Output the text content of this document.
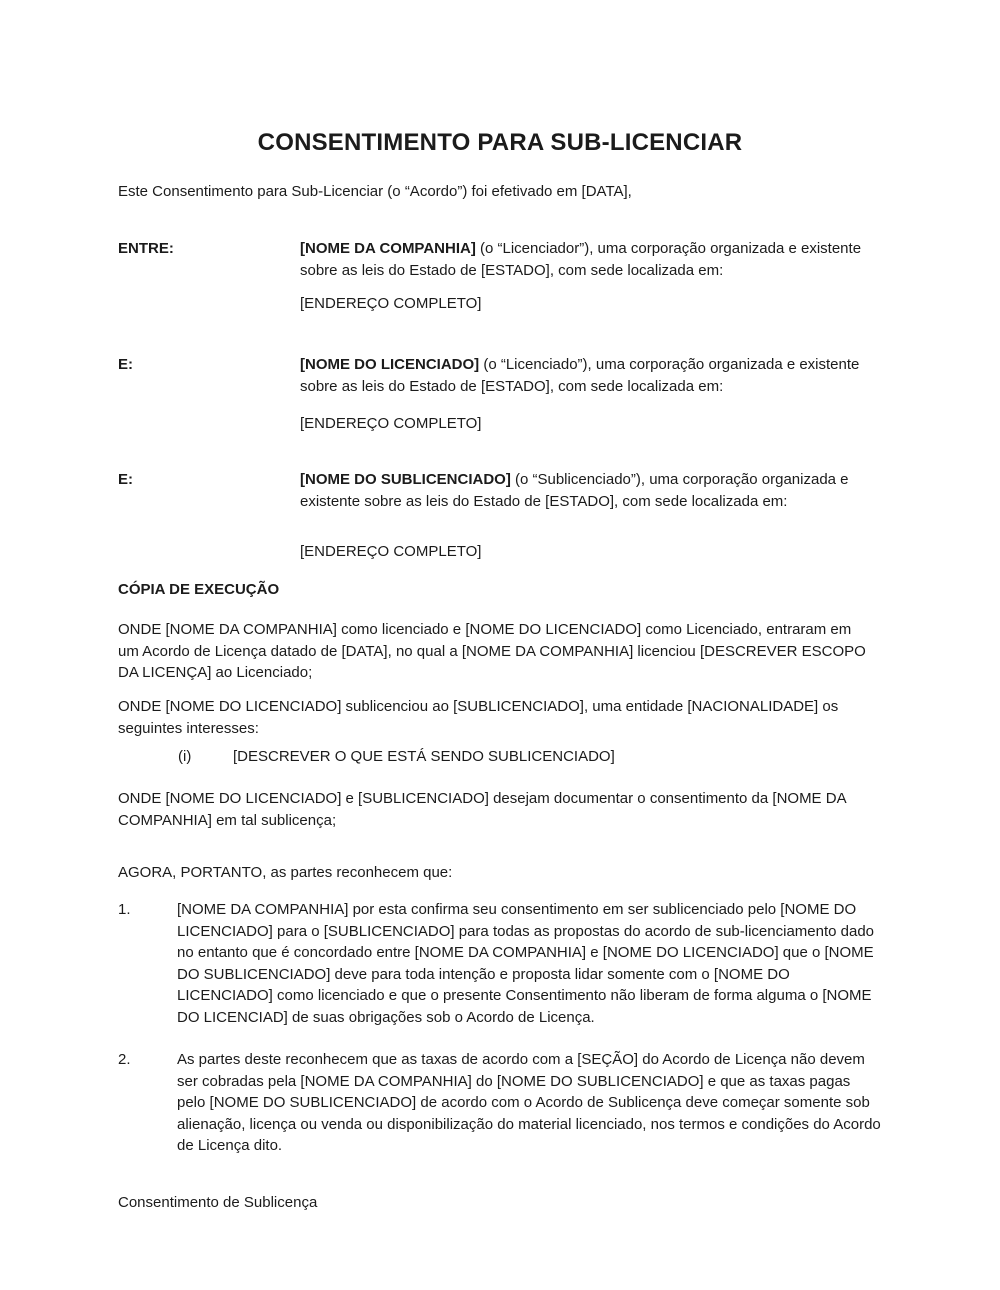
CONSENTIMENTO PARA SUB-LICENCIAR
Este Consentimento para Sub-Licenciar (o “Acordo”) foi efetivado em [DATA],
ENTRE:	[NOME DA COMPANHIA] (o “Licenciador”), uma corporação organizada e existente sobre as leis do Estado de [ESTADO], com sede localizada em:
[ENDEREÇO COMPLETO]
E:	[NOME DO LICENCIADO] (o “Licenciado”), uma corporação organizada e existente sobre as leis do Estado de [ESTADO], com sede localizada em:
[ENDEREÇO COMPLETO]
E:	[NOME DO SUBLICENCIADO] (o “Sublicenciado”), uma corporação organizada e existente sobre as leis do Estado de [ESTADO], com sede localizada em:
[ENDEREÇO COMPLETO]
CÓPIA DE EXECUÇÃO
ONDE [NOME DA COMPANHIA] como licenciado e [NOME DO LICENCIADO] como Licenciado, entraram em um Acordo de Licença datado de [DATA], no qual a [NOME DA COMPANHIA] licenciou [DESCREVER ESCOPO DA LICENÇA] ao Licenciado;
ONDE [NOME DO LICENCIADO] sublicenciou ao [SUBLICENCIADO], uma entidade [NACIONALIDADE] os seguintes interesses:
(i)	[DESCREVER O QUE ESTÁ SENDO SUBLICENCIADO]
ONDE [NOME DO LICENCIADO] e [SUBLICENCIADO] desejam documentar o consentimento da [NOME DA COMPANHIA] em tal sublicença;
AGORA, PORTANTO, as partes reconhecem que:
1.	[NOME DA COMPANHIA] por esta confirma seu consentimento em ser sublicenciado pelo [NOME DO LICENCIADO] para o [SUBLICENCIADO] para todas as propostas do acordo de sub-licenciamento dado no entanto que é concordado entre [NOME DA COMPANHIA] e [NOME DO LICENCIADO] que o [NOME DO SUBLICENCIADO] deve para toda intenção e proposta lidar somente com o [NOME DO LICENCIADO] como licenciado e que o presente Consentimento não liberam de forma alguma o [NOME DO LICENCIAD] de suas obrigações sob o Acordo de Licença.
2.	As partes deste reconhecem que as taxas de acordo com a [SEÇÃO] do Acordo de Licença não devem ser cobradas pela [NOME DA COMPANHIA] do [NOME DO SUBLICENCIADO] e que as taxas pagas pelo [NOME DO SUBLICENCIADO] de acordo com o Acordo de Sublicença deve começar somente sob alienação, licença ou venda ou disponibilização do material licenciado, nos termos e condições do Acordo de Licença dito.
Consentimento de Sublicença
